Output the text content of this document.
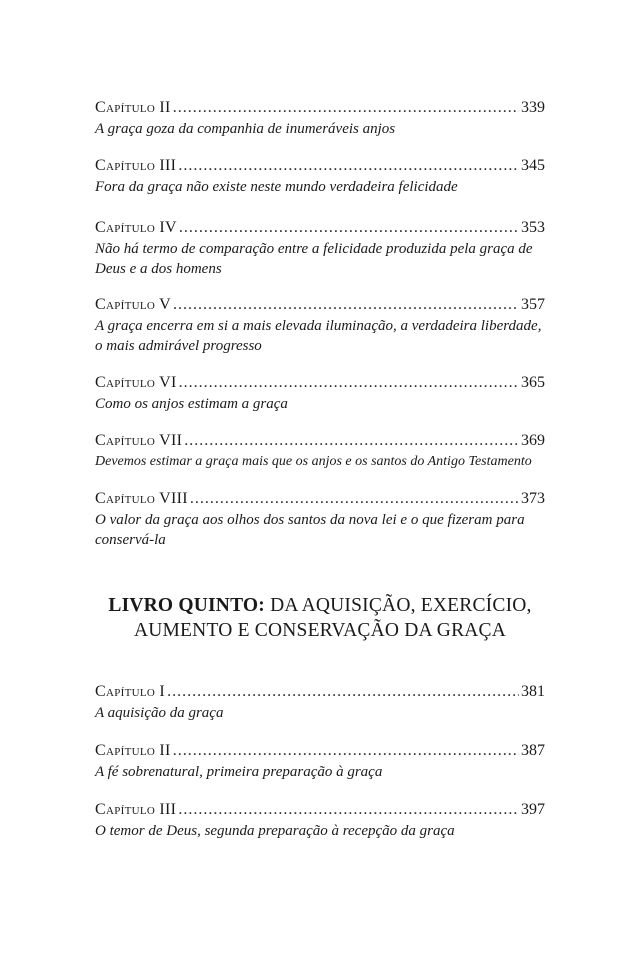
Capítulo II .....	339
A graça goza da companhia de inumeráveis anjos
Capítulo III .....	345
Fora da graça não existe neste mundo verdadeira felicidade
Capítulo IV .....	353
Não há termo de comparação entre a felicidade produzida pela graça de Deus e a dos homens
Capítulo V .....	357
A graça encerra em si a mais elevada iluminação, a verdadeira liberdade, o mais admirável progresso
Capítulo VI .....	365
Como os anjos estimam a graça
Capítulo VII .....	369
Devemos estimar a graça mais que os anjos e os santos do Antigo Testamento
Capítulo VIII .....	373
O valor da graça aos olhos dos santos da nova lei e o que fizeram para conservá-la
LIVRO QUINTO: DA AQUISIÇÃO, EXERCÍCIO,
AUMENTO E CONSERVAÇÃO DA GRAÇA
Capítulo I .....	381
A aquisição da graça
Capítulo II .....	387
A fé sobrenatural, primeira preparação à graça
Capítulo III .....	397
O temor de Deus, segunda preparação à recepção da graça
